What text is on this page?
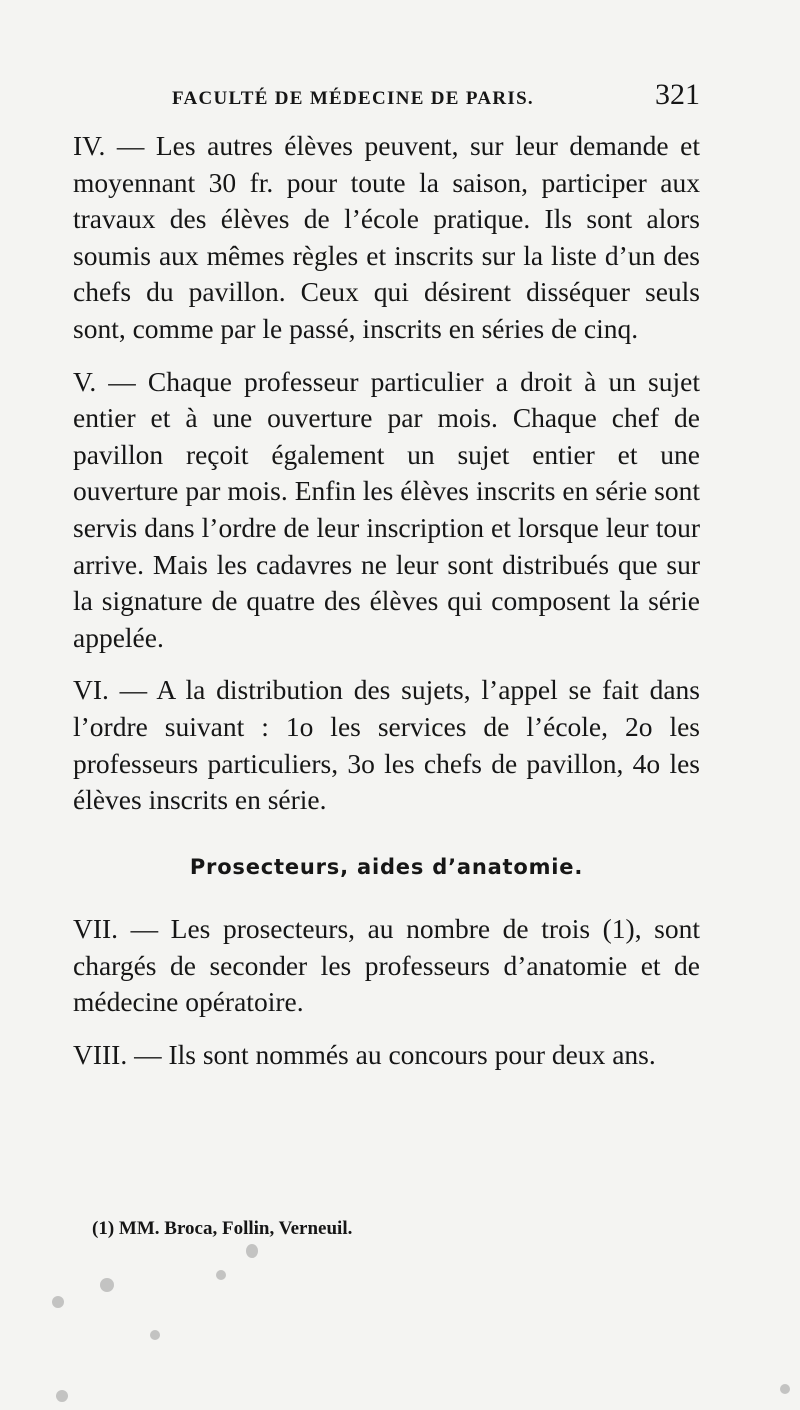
FACULTÉ DE MÉDECINE DE PARIS.	321

IV. — Les autres élèves peuvent, sur leur demande et moyennant 30 fr. pour toute la saison, participer aux travaux des élèves de l’école pratique. Ils sont alors soumis aux mêmes règles et inscrits sur la liste d’un des chefs du pavillon. Ceux qui désirent disséquer seuls sont, comme par le passé, inscrits en séries de cinq.

V. — Chaque professeur particulier a droit à un sujet entier et à une ouverture par mois. Chaque chef de pavillon reçoit également un sujet entier et une ouverture par mois. Enfin les élèves inscrits en série sont servis dans l’ordre de leur inscription et lorsque leur tour arrive. Mais les cadavres ne leur sont distribués que sur la signature de quatre des élèves qui composent la série appelée.

VI. — A la distribution des sujets, l’appel se fait dans l’ordre suivant : 1o les services de l’école, 2o les professeurs particuliers, 3o les chefs de pavillon, 4o les élèves inscrits en série.

Prosecteurs, aides d’anatomie.

VII. — Les prosecteurs, au nombre de trois (1), sont chargés de seconder les professeurs d’anatomie et de médecine opératoire.

VIII. — Ils sont nommés au concours pour deux ans.

(1) MM. Broca, Follin, Verneuil.
